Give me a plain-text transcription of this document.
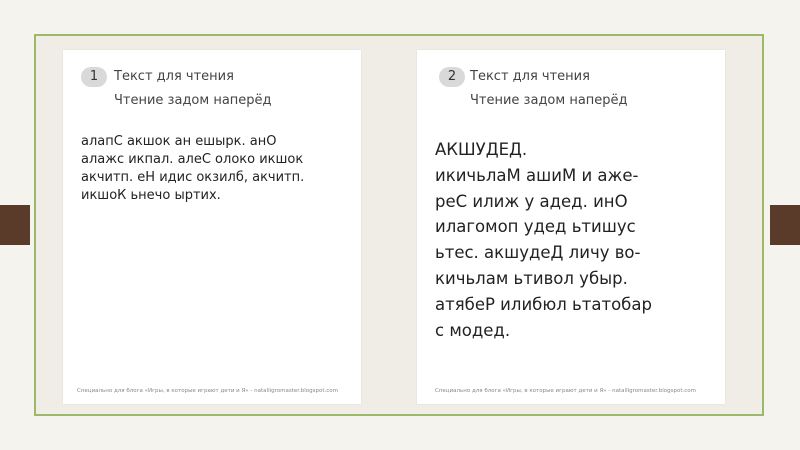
1	Текст для чтения
Чтение задом наперёд
алапС акшок ан ешырк. анО
алажс икпал. алеС олоко икшок
акчитп. еН идис окзилб, акчитп.
икшоК ьнечо ыртих.
Специально для блога «Игры, в которые играют дети и Я» - natalligromaster.blogspot.com
2	Текст для чтения
Чтение задом наперёд
АКШУДЕД.
икичьлаМ ашиМ и аже-
реС илиж у адед. инО
илагомоп удед ьтишус
ьтес. акшудеД личу во-
кичьлам ьтивол убыр.
атябеР илибюл ьтатобар
с модед.
Специально для блога «Игры, в которые играют дети и Я» - natalligromaster.blogspot.com
